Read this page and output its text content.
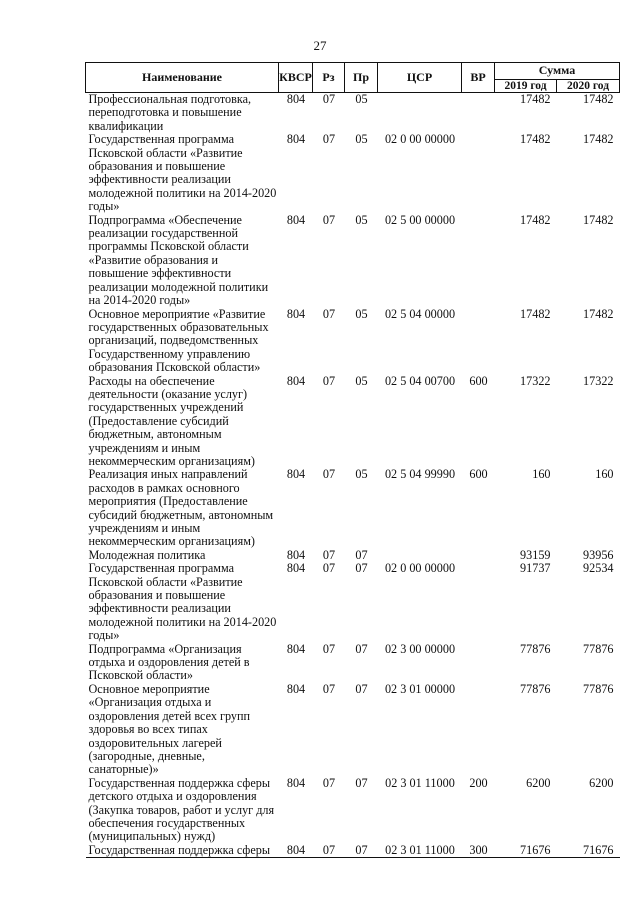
27
Наименование	КВСР	Рз	Пр	ЦСР	ВР	Сумма	
						2019 год	2020 год
Профессиональная подготовка, переподготовка и повышение квалификации	804	07	05			17482	17482
Государственная программа Псковской области «Развитие образования и повышение эффективности реализации молодежной политики на 2014-2020 годы»	804	07	05	02 0 00 00000		17482	17482
Подпрограмма «Обеспечение реализации государственной программы Псковской области «Развитие образования и повышение эффективности реализации молодежной политики на 2014-2020 годы»	804	07	05	02 5 00 00000		17482	17482
Основное мероприятие «Развитие государственных образовательных организаций, подведомственных Государственному управлению образования Псковской области»	804	07	05	02 5 04 00000		17482	17482
Расходы на обеспечение деятельности (оказание услуг) государственных учреждений (Предоставление субсидий бюджетным, автономным учреждениям и иным некоммерческим организациям)	804	07	05	02 5 04 00700	600	17322	17322
Реализация иных направлений расходов в рамках основного мероприятия (Предоставление субсидий бюджетным, автономным учреждениям и иным некоммерческим организациям)	804	07	05	02 5 04 99990	600	160	160
Молодежная политика	804	07	07			93159	93956
Государственная программа Псковской области «Развитие образования и повышение эффективности реализации молодежной политики на 2014-2020 годы»	804	07	07	02 0 00 00000		91737	92534
Подпрограмма «Организация отдыха и оздоровления детей в Псковской области»	804	07	07	02 3 00 00000		77876	77876
Основное мероприятие «Организация отдыха и оздоровления детей всех групп здоровья во всех типах оздоровительных лагерей (загородные, дневные, санаторные)»	804	07	07	02 3 01 00000		77876	77876
Государственная поддержка сферы детского отдыха и оздоровления (Закупка товаров, работ и услуг для обеспечения государственных (муниципальных) нужд)	804	07	07	02 3 01 11000	200	6200	6200
Государственная поддержка сферы	804	07	07	02 3 01 11000	300	71676	71676
